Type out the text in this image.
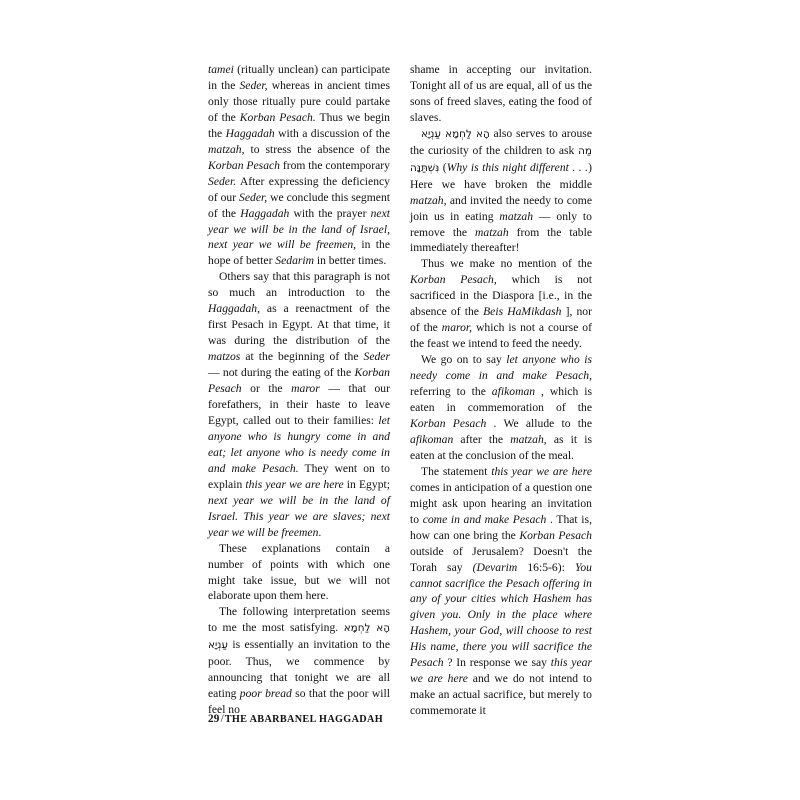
tamei (ritually unclean) can participate in the Seder, whereas in ancient times only those ritually pure could partake of the Korban Pesach. Thus we begin the Haggadah with a discussion of the matzah, to stress the absence of the Korban Pesach from the contemporary Seder. After expressing the deficiency of our Seder, we conclude this segment of the Haggadah with the prayer next year we will be in the land of Israel, next year we will be freemen, in the hope of better Sedarim in better times.

Others say that this paragraph is not so much an introduction to the Haggadah, as a reenactment of the first Pesach in Egypt. At that time, it was during the distribution of the matzos at the beginning of the Seder — not during the eating of the Korban Pesach or the maror — that our forefathers, in their haste to leave Egypt, called out to their families: let anyone who is hungry come in and eat; let anyone who is needy come in and make Pesach. They went on to explain this year we are here in Egypt; next year we will be in the land of Israel. This year we are slaves; next year we will be freemen.

These explanations contain a number of points with which one might take issue, but we will not elaborate upon them here.

The following interpretation seems to me the most satisfying. הָא לַחְמָא עַנְיָא is essentially an invitation to the poor. Thus, we commence by announcing that tonight we are all eating poor bread so that the poor will feel no

shame in accepting our invitation. Tonight all of us are equal, all of us the sons of freed slaves, eating the food of slaves.

הָא לַחְמָא עַנְיָא also serves to arouse the curiosity of the children to ask מַה נִּשְׁתַּנָּה (Why is this night different . . .) Here we have broken the middle matzah, and invited the needy to come join us in eating matzah — only to remove the matzah from the table immediately thereafter!

Thus we make no mention of the Korban Pesach, which is not sacrificed in the Diaspora [i.e., in the absence of the Beis HaMikdash ], nor of the maror, which is not a course of the feast we intend to feed the needy.

We go on to say let anyone who is needy come in and make Pesach, referring to the afikoman , which is eaten in commemoration of the Korban Pesach . We allude to the afikoman after the matzah, as it is eaten at the conclusion of the meal.

The statement this year we are here comes in anticipation of a question one might ask upon hearing an invitation to come in and make Pesach . That is, how can one bring the Korban Pesach outside of Jerusalem? Doesn't the Torah say (Devarim 16:5-6): You cannot sacrifice the Pesach offering in any of your cities which Hashem has given you. Only in the place where Hashem, your God, will choose to rest His name, there you will sacrifice the Pesach ? In response we say this year we are here and we do not intend to make an actual sacrifice, but merely to commemorate it

29/THE ABARBANEL HAGGADAH
